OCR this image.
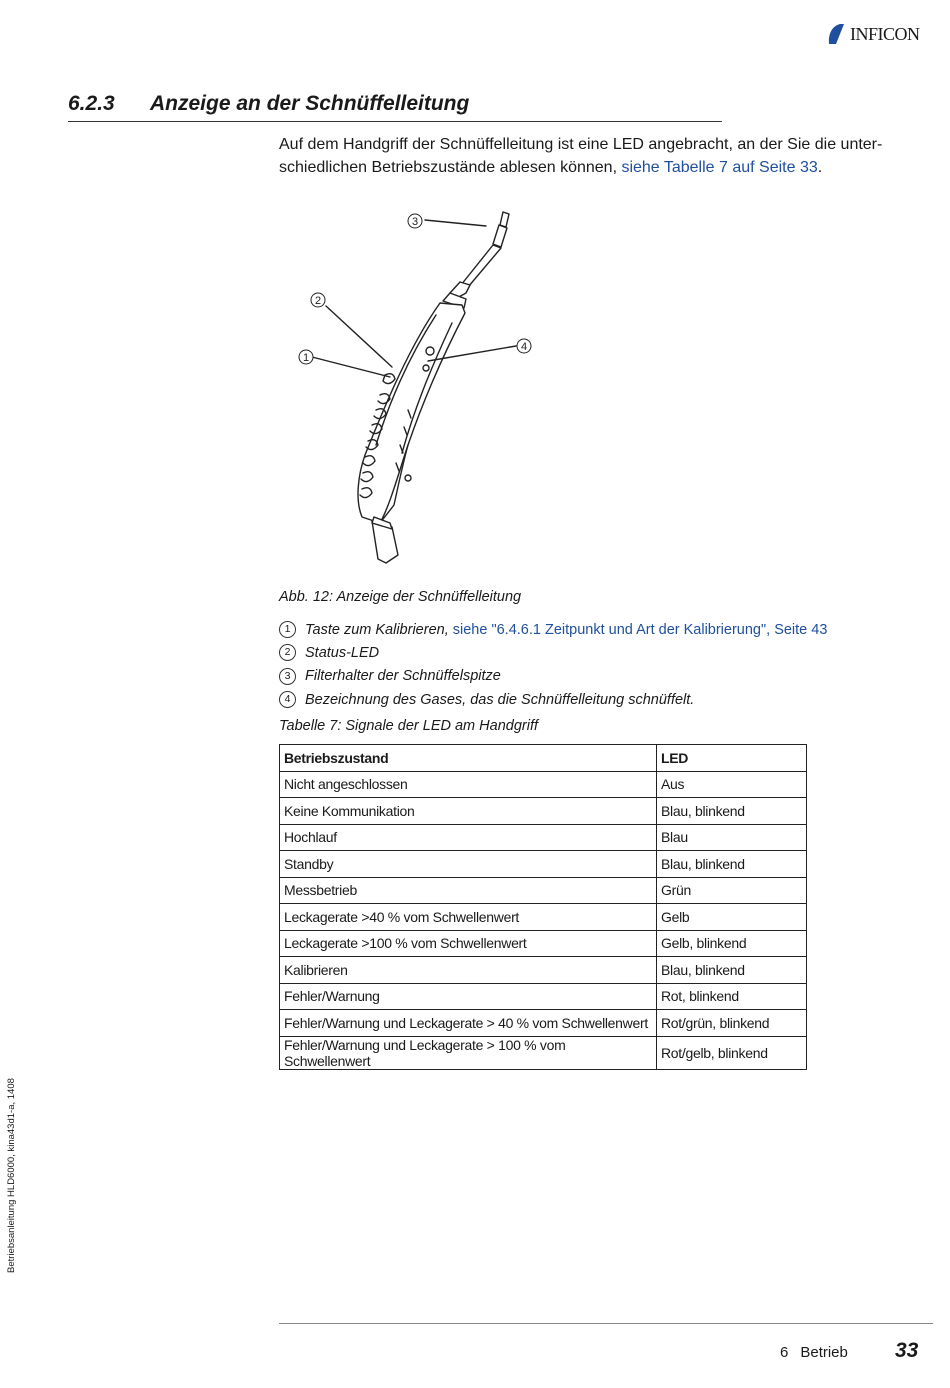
INFICON
6.2.3 Anzeige an der Schnüffelleitung
Auf dem Handgriff der Schnüffelleitung ist eine LED angebracht, an der Sie die unter-schiedlichen Betriebszustände ablesen können, siehe Tabelle 7 auf Seite 33.
3
2
1
4
Abb. 12: Anzeige der Schnüffelleitung
1	Taste zum Kalibrieren,
siehe "6.4.6.1 Zeitpunkt und Art der Kalibrierung", Seite 43
2	Status-LED
3	Filterhalter der Schnüffelspitze
4	Bezeichnung des Gases, das die Schnüffelleitung schnüffelt.
Tabelle 7: Signale der LED am Handgriff
Betriebszustand	LED
Nicht angeschlossen	Aus
Keine Kommunikation	Blau, blinkend
Hochlauf	Blau
Standby	Blau, blinkend
Messbetrieb	Grün
Leckagerate >40 % vom Schwellenwert	Gelb
Leckagerate >100 % vom Schwellenwert	Gelb, blinkend
Kalibrieren	Blau, blinkend
Fehler/Warnung	Rot, blinkend
Fehler/Warnung und Leckagerate > 40 % vom Schwellenwert	Rot/grün, blinkend
Fehler/Warnung und Leckagerate > 100 % vom Schwellenwert	Rot/gelb, blinkend
Betriebsanleitung HLD6000, kina43d1-a, 1408
6 Betrieb 33
